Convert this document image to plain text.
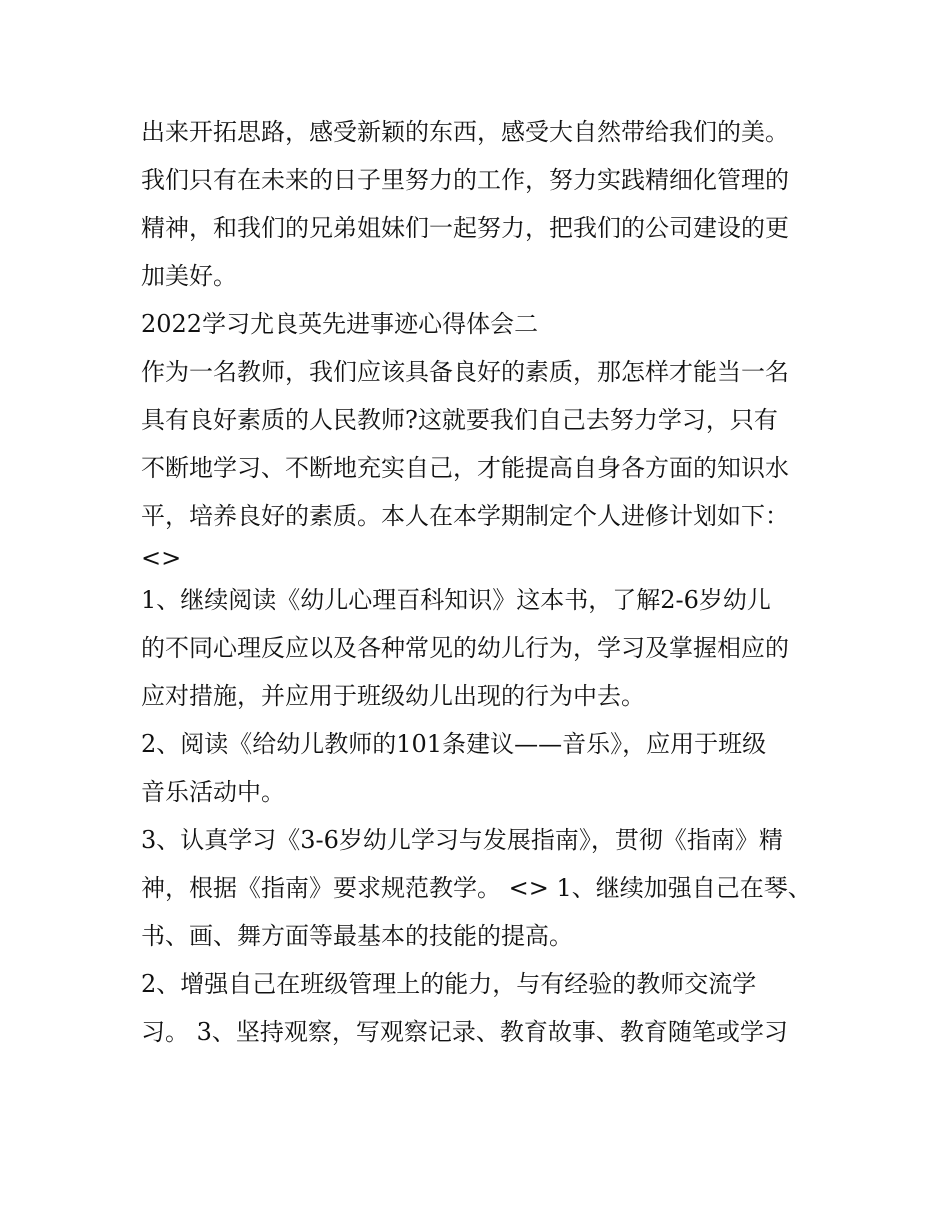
出来开拓思路，感受新颖的东西，感受大自然带给我们的美。
我们只有在未来的日子里努力的工作，努力实践精细化管理的
精神，和我们的兄弟姐妹们一起努力，把我们的公司建设的更
加美好。
2022学习尤良英先进事迹心得体会二
作为一名教师，我们应该具备良好的素质，那怎样才能当一名
具有良好素质的人民教师?这就要我们自己去努力学习，只有
不断地学习、不断地充实自己，才能提高自身各方面的知识水
平，培养良好的素质。本人在本学期制定个人进修计划如下：
<>
1、继续阅读《幼儿心理百科知识》这本书，了解2-6岁幼儿
的不同心理反应以及各种常见的幼儿行为，学习及掌握相应的
应对措施，并应用于班级幼儿出现的行为中去。
2、阅读《给幼儿教师的101条建议——音乐》，应用于班级
音乐活动中。
3、认真学习《3-6岁幼儿学习与发展指南》，贯彻《指南》精
神，根据《指南》要求规范教学。 <> 1、继续加强自己在琴、
书、画、舞方面等最基本的技能的提高。
2、增强自己在班级管理上的能力，与有经验的教师交流学
习。 3、坚持观察，写观察记录、教育故事、教育随笔或学习
